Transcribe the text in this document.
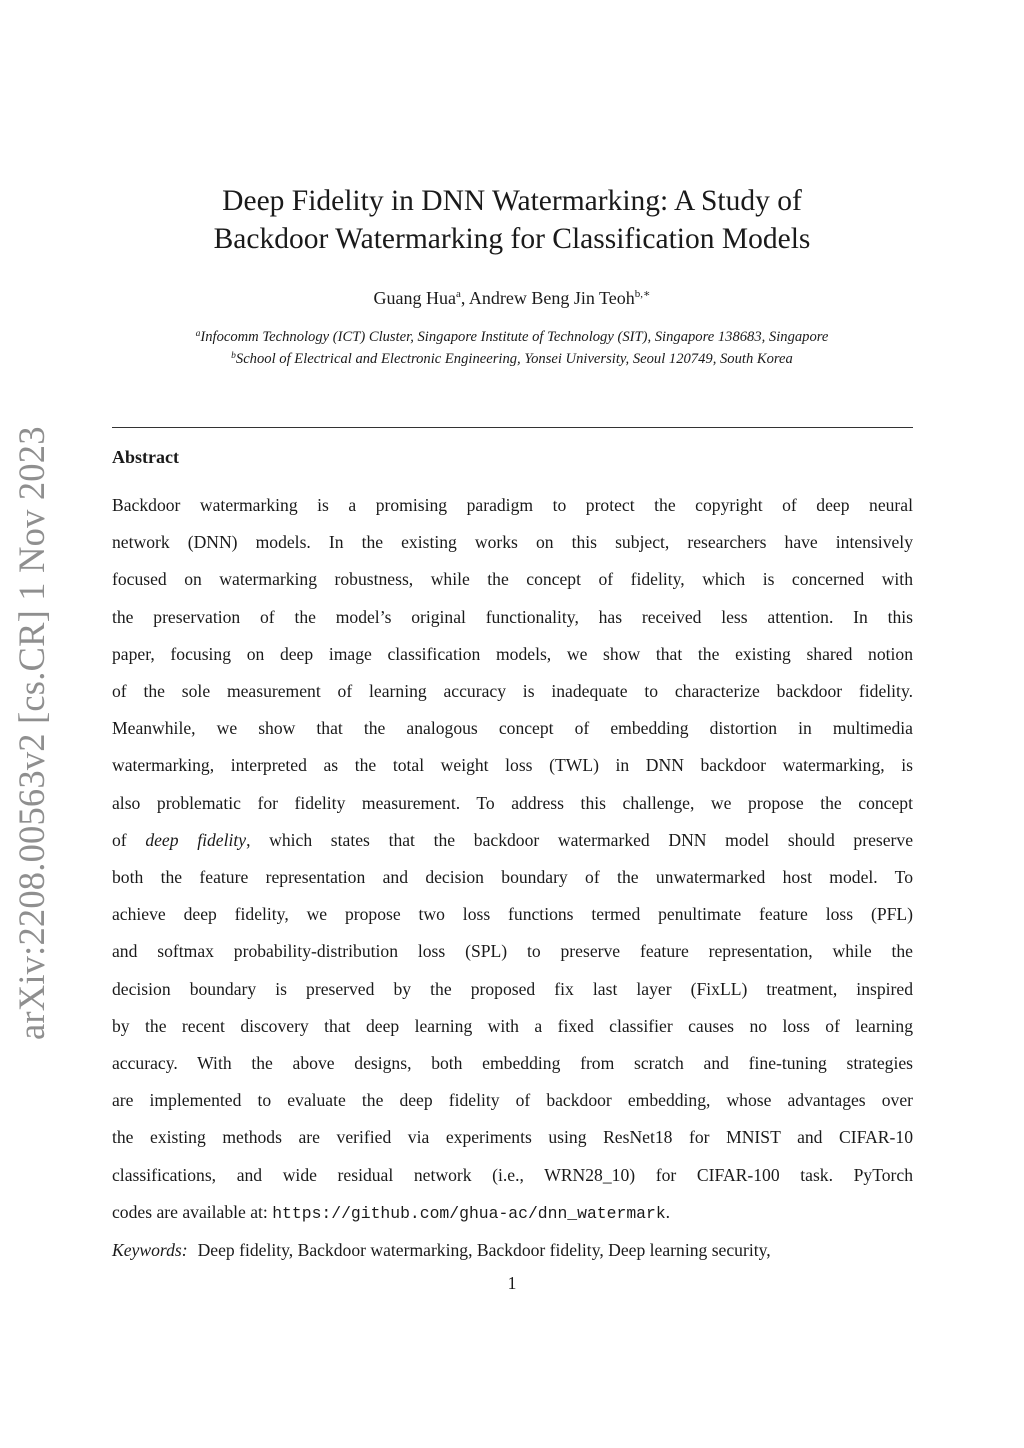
arXiv:2208.00563v2 [cs.CR] 1 Nov 2023
Deep Fidelity in DNN Watermarking: A Study of
Backdoor Watermarking for Classification Models
Guang Hua$^a$, Andrew Beng Jin Teoh$^{b,∗}$
$^a$Infocomm Technology (ICT) Cluster, Singapore Institute of Technology (SIT), Singapore 138683, Singapore
$^b$School of Electrical and Electronic Engineering, Yonsei University, Seoul 120749, South Korea
Abstract
Backdoor watermarking is a promising paradigm to protect the copyright of deep neural
network (DNN) models. In the existing works on this subject, researchers have intensively
focused on watermarking robustness, while the concept of fidelity, which is concerned with
the preservation of the model’s original functionality, has received less attention. In this
paper, focusing on deep image classification models, we show that the existing shared notion
of the sole measurement of learning accuracy is inadequate to characterize backdoor fidelity.
Meanwhile, we show that the analogous concept of embedding distortion in multimedia
watermarking, interpreted as the total weight loss (TWL) in DNN backdoor watermarking, is
also problematic for fidelity measurement. To address this challenge, we propose the concept
of deep fidelity, which states that the backdoor watermarked DNN model should preserve
both the feature representation and decision boundary of the unwatermarked host model. To
achieve deep fidelity, we propose two loss functions termed penultimate feature loss (PFL)
and softmax probability-distribution loss (SPL) to preserve feature representation, while the
decision boundary is preserved by the proposed fix last layer (FixLL) treatment, inspired
by the recent discovery that deep learning with a fixed classifier causes no loss of learning
accuracy. With the above designs, both embedding from scratch and fine-tuning strategies
are implemented to evaluate the deep fidelity of backdoor embedding, whose advantages over
the existing methods are verified via experiments using ResNet18 for MNIST and CIFAR-10
classifications, and wide residual network (i.e., WRN28_10) for CIFAR-100 task. PyTorch
codes are available at: https://github.com/ghua-ac/dnn_watermark.
Keywords: Deep fidelity, Backdoor watermarking, Backdoor fidelity, Deep learning security,
1
